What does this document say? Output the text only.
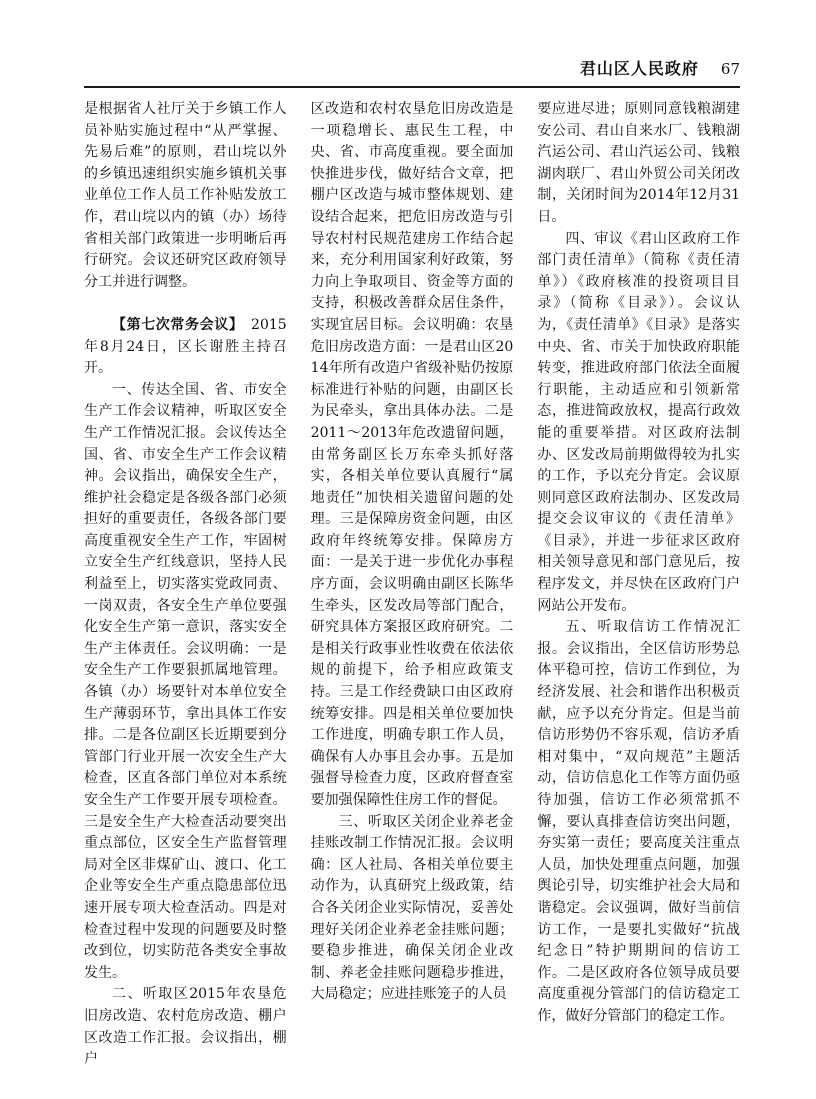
君山区人民政府 67

是根据省人社厅关于乡镇工作人员补贴实施过程中“从严掌握、先易后难”的原则，君山垸以外的乡镇迅速组织实施乡镇机关事业单位工作人员工作补贴发放工作，君山垸以内的镇（办）场待省相关部门政策进一步明晰后再行研究。会议还研究区政府领导分工并进行调整。

【第七次常务会议】　2015年8月24日，区长谢胜主持召开。

一、传达全国、省、市安全生产工作会议精神，听取区安全生产工作情况汇报。会议传达全国、省、市安全生产工作会议精神。会议指出，确保安全生产，维护社会稳定是各级各部门必须担好的重要责任，各级各部门要高度重视安全生产工作，牢固树立安全生产红线意识，坚持人民利益至上，切实落实党政同责、一岗双责，各安全生产单位要强化安全生产第一意识，落实安全生产主体责任。会议明确：一是安全生产工作要狠抓属地管理。各镇（办）场要针对本单位安全生产薄弱环节，拿出具体工作安排。二是各位副区长近期要到分管部门行业开展一次安全生产大检查，区直各部门单位对本系统安全生产工作要开展专项检查。三是安全生产大检查活动要突出重点部位，区安全生产监督管理局对全区非煤矿山、渡口、化工企业等安全生产重点隐患部位迅速开展专项大检查活动。四是对检查过程中发现的问题要及时整改到位，切实防范各类安全事故发生。

二、听取区2015年农垦危旧房改造、农村危房改造、棚户区改造工作汇报。会议指出，棚户

区改造和农村农垦危旧房改造是一项稳增长、惠民生工程，中央、省、市高度重视。要全面加快推进步伐，做好结合文章，把棚户区改造与城市整体规划、建设结合起来，把危旧房改造与引导农村村民规范建房工作结合起来，充分利用国家利好政策，努力向上争取项目、资金等方面的支持，积极改善群众居住条件，实现宜居目标。会议明确：农垦危旧房改造方面：一是君山区2014年所有改造户省级补贴仍按原标准进行补贴的问题，由副区长为民牵头，拿出具体办法。二是2011～2013年危改遗留问题，由常务副区长万东牵头抓好落实，各相关单位要认真履行“属地责任”加快相关遗留问题的处理。三是保障房资金问题，由区政府年终统筹安排。保障房方面：一是关于进一步优化办事程序方面，会议明确由副区长陈华生牵头，区发改局等部门配合，研究具体方案报区政府研究。二是相关行政事业性收费在依法依规的前提下，给予相应政策支持。三是工作经费缺口由区政府统筹安排。四是相关单位要加快工作进度，明确专职工作人员，确保有人办事且会办事。五是加强督导检查力度，区政府督查室要加强保障性住房工作的督促。

三、听取区关闭企业养老金挂账改制工作情况汇报。会议明确：区人社局、各相关单位要主动作为，认真研究上级政策，结合各关闭企业实际情况，妥善处理好关闭企业养老金挂账问题；要稳步推进，确保关闭企业改制、养老金挂账问题稳步推进，大局稳定；应进挂账笼子的人员

要应进尽进；原则同意钱粮湖建安公司、君山自来水厂、钱粮湖汽运公司、君山汽运公司、钱粮湖肉联厂、君山外贸公司关闭改制，关闭时间为2014年12月31日。

四、审议《君山区政府工作部门责任清单》（简称《责任清单》）《政府核准的投资项目目录》（简称《目录》）。会议认为，《责任清单》《目录》是落实中央、省、市关于加快政府职能转变，推进政府部门依法全面履行职能，主动适应和引领新常态，推进简政放权，提高行政效能的重要举措。对区政府法制办、区发改局前期做得较为扎实的工作，予以充分肯定。会议原则同意区政府法制办、区发改局提交会议审议的《责任清单》《目录》，并进一步征求区政府相关领导意见和部门意见后，按程序发文，并尽快在区政府门户网站公开发布。

五、听取信访工作情况汇报。会议指出，全区信访形势总体平稳可控，信访工作到位，为经济发展、社会和谐作出积极贡献，应予以充分肯定。但是当前信访形势仍不容乐观，信访矛盾相对集中，“双向规范”主题活动，信访信息化工作等方面仍亟待加强，信访工作必须常抓不懈，要认真排查信访突出问题，夯实第一责任；要高度关注重点人员，加快处理重点问题，加强舆论引导，切实维护社会大局和谐稳定。会议强调，做好当前信访工作，一是要扎实做好“抗战纪念日”特护期期间的信访工作。二是区政府各位领导成员要高度重视分管部门的信访稳定工作，做好分管部门的稳定工作。
